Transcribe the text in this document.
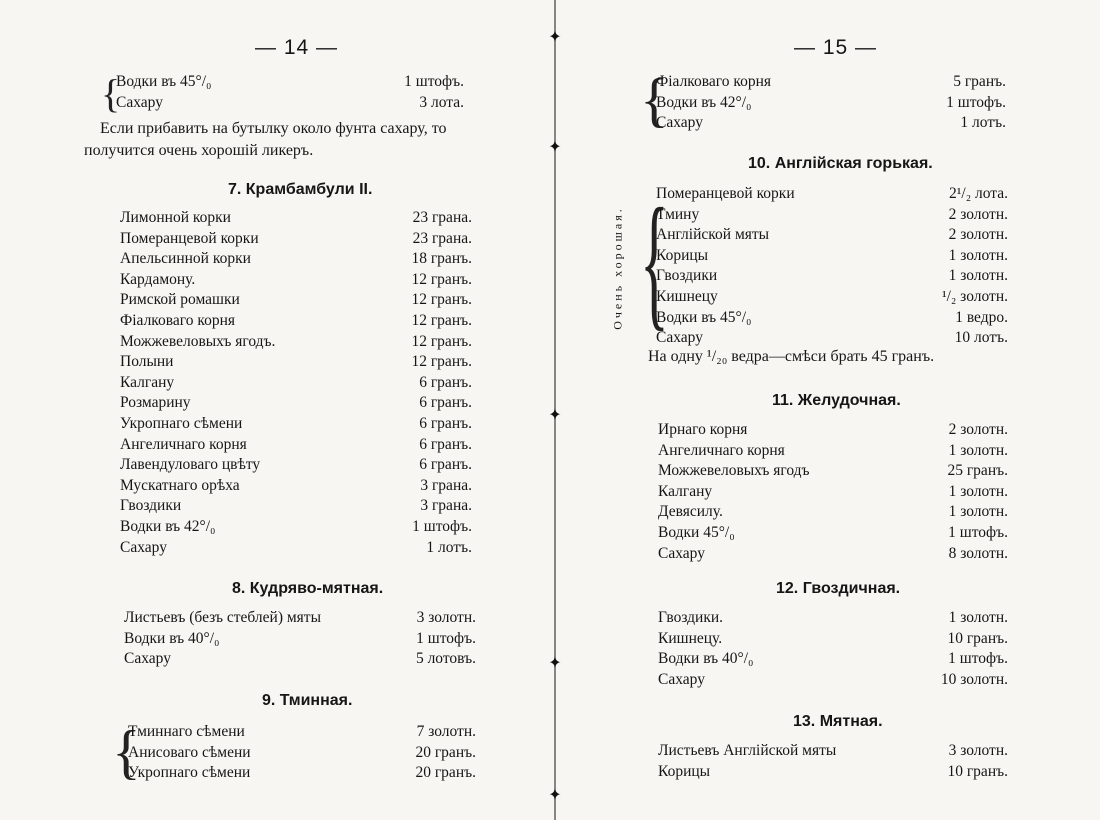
— 14 —
{
Водки въ 45°/₀	1 штофъ.
Сахару	3 лота.
Если прибавить на бутылку около фунта сахару, то
получится очень хорошій ликеръ.
7. Крамбамбули II.
Лимонной корки	23 грана.
Померанцевой корки	23 грана.
Апельсинной корки	18 гранъ.
Кардамону.	12 гранъ.
Римской ромашки	12 гранъ.
Фіалковаго корня	12 гранъ.
Можжевеловыхъ ягодъ.	12 гранъ.
Полыни	12 гранъ.
Калгану	6 гранъ.
Розмарину	6 гранъ.
Укропнаго сѣмени	6 гранъ.
Ангеличнаго корня	6 гранъ.
Лавендуловаго цвѣту	6 гранъ.
Мускатнаго орѣха	3 грана.
Гвоздики	3 грана.
Водки въ 42°/₀	1 штофъ.
Сахару	1 лотъ.
8. Кудряво-мятная.
Листьевъ (безъ стеблей) мяты	3 золотн.
Водки въ 40°/₀	1 штофъ.
Сахару	5 лотовъ.
9. Тминная.
{
Тминнаго сѣмени	7 золотн.
Анисоваго сѣмени	20 гранъ.
Укропнаго сѣмени	20 гранъ.
✦
✦
✦
✦
✦
— 15 —
{
Фіалковаго корня	5 гранъ.
Водки въ 42°/₀	1 штофъ.
Сахару	1 лотъ.
10. Англійская горькая.
{
Померанцевой корки	2¹/₂ лота.
Тмину	2 золотн.
Англійской мяты	2 золотн.
Корицы	1 золотн.
Гвоздики	1 золотн.
Кишнецу	¹/₂ золотн.
Водки въ 45°/₀	1 ведро.
Сахару	10 лотъ.
На одну ¹/₂₀ ведра—смѣси брать 45 гранъ.
11. Желудочная.
Ирнаго корня	2 золотн.
Ангеличнаго корня	1 золотн.
Можжевеловыхъ ягодъ	25 гранъ.
Калгану	1 золотн.
Девясилу.	1 золотн.
Водки 45°/₀	1 штофъ.
Сахару	8 золотн.
12. Гвоздичная.
Гвоздики.	1 золотн.
Кишнецу.	10 гранъ.
Водки въ 40°/₀	1 штофъ.
Сахару	10 золотн.
13. Мятная.
Листьевъ Англійской мяты	3 золотн.
Корицы	10 гранъ.
Очень хорошая.
